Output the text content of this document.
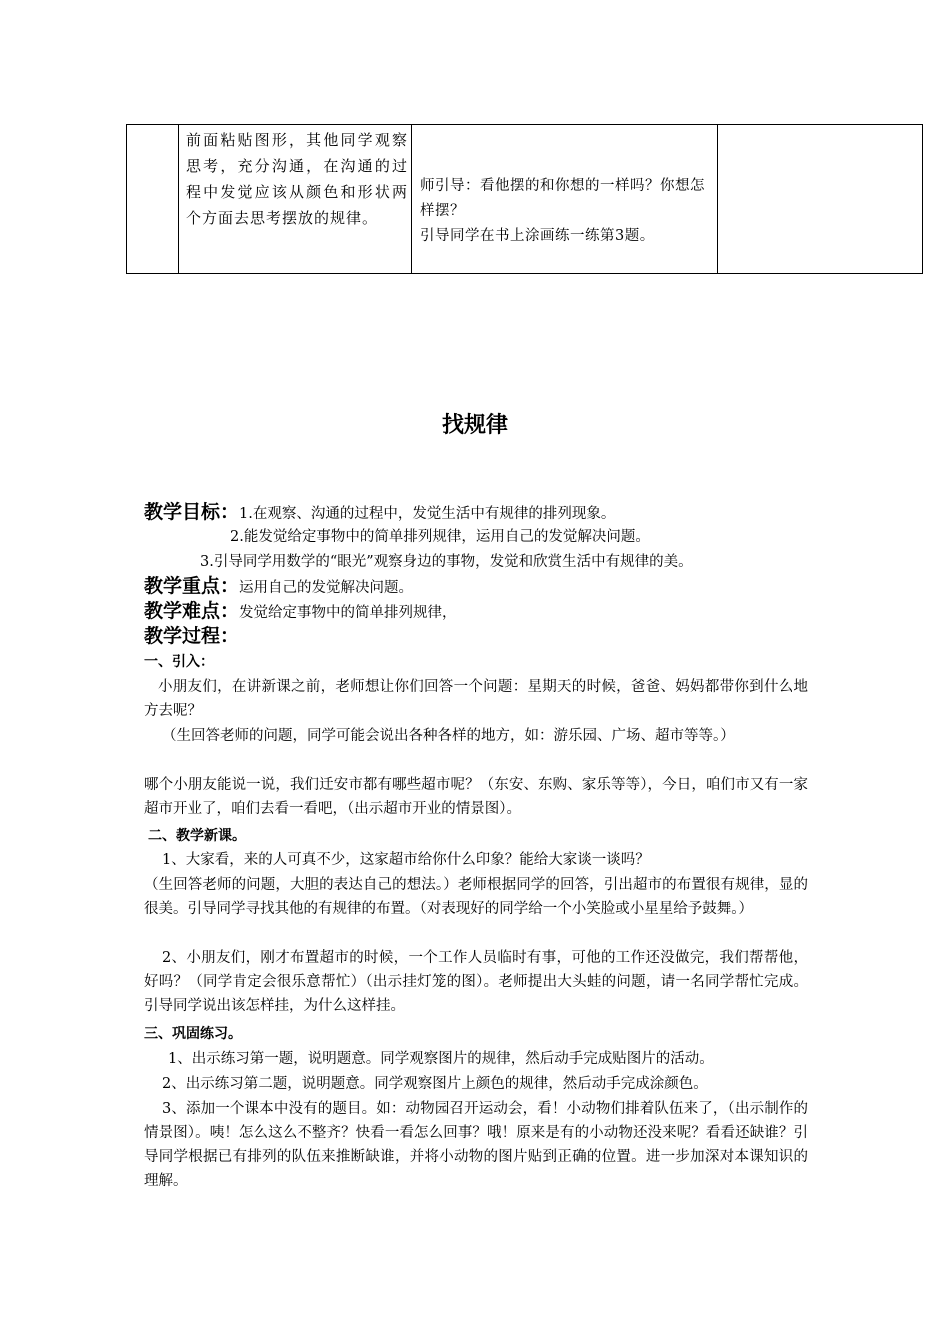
前面粘贴图形，其他同学观察思考，充分沟通，在沟通的过程中发觉应该从颜色和形状两个方面去思考摆放的规律。
师引导：看他摆的和你想的一样吗？你想怎样摆？
引导同学在书上涂画练一练第3题。
找规律
教学目标：1.在观察、沟通的过程中，发觉生活中有规律的排列现象。
2.能发觉给定事物中的简单排列规律，运用自己的发觉解决问题。
3.引导同学用数学的“眼光”观察身边的事物，发觉和欣赏生活中有规律的美。
教学重点：运用自己的发觉解决问题。
教学难点：发觉给定事物中的简单排列规律，
教学过程：
一、引入：
小朋友们，在讲新课之前，老师想让你们回答一个问题：星期天的时候，爸爸、妈妈都带你到什么地方去呢？
（生回答老师的问题，同学可能会说出各种各样的地方，如：游乐园、广场、超市等等。）
哪个小朋友能说一说，我们迁安市都有哪些超市呢？（东安、东购、家乐等等），今日，咱们市又有一家超市开业了，咱们去看一看吧，（出示超市开业的情景图）。
二、教学新课。
1、大家看，来的人可真不少，这家超市给你什么印象？能给大家谈一谈吗？
（生回答老师的问题，大胆的表达自己的想法。）老师根据同学的回答，引出超市的布置很有规律，显的很美。引导同学寻找其他的有规律的布置。（对表现好的同学给一个小笑脸或小星星给予鼓舞。）
2、小朋友们，刚才布置超市的时候，一个工作人员临时有事，可他的工作还没做完，我们帮帮他，好吗？（同学肯定会很乐意帮忙）（出示挂灯笼的图）。老师提出大头蛙的问题，请一名同学帮忙完成。引导同学说出该怎样挂，为什么这样挂。
三、巩固练习。
1、出示练习第一题，说明题意。同学观察图片的规律，然后动手完成贴图片的活动。
2、出示练习第二题，说明题意。同学观察图片上颜色的规律，然后动手完成涂颜色。
3、添加一个课本中没有的题目。如：动物园召开运动会，看！小动物们排着队伍来了，（出示制作的情景图）。咦！怎么这么不整齐？快看一看怎么回事？哦！原来是有的小动物还没来呢？看看还缺谁？引导同学根据已有排列的队伍来推断缺谁，并将小动物的图片贴到正确的位置。进一步加深对本课知识的理解。
